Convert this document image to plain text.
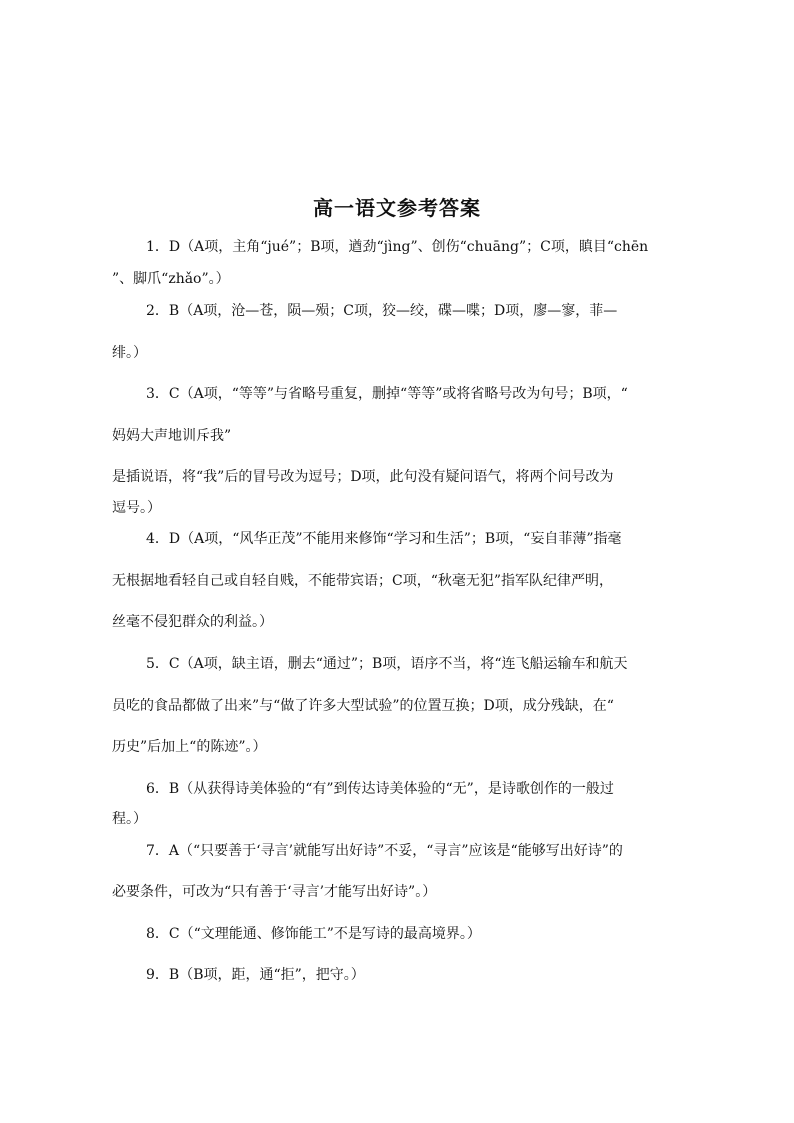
高一语文参考答案
1．D（A项，主角“jué”；B项，遒劲“jìng”、创伤“chuāng”；C项，瞋目“chēn
”、脚爪“zhǎo”。）
2．B（A项，沧—苍，陨—殒；C项，狡—绞，碟—喋；D项，廖—寥，菲—
绯。）
3．C（A项，“等等”与省略号重复，删掉“等等”或将省略号改为句号；B项，“
妈妈大声地训斥我”
是插说语，将“我”后的冒号改为逗号；D项，此句没有疑问语气，将两个问号改为
逗号。）
4．D（A项，“风华正茂”不能用来修饰“学习和生活”；B项，“妄自菲薄”指毫
无根据地看轻自己或自轻自贱，不能带宾语；C项，“秋毫无犯”指军队纪律严明，
丝毫不侵犯群众的利益。）
5．C（A项，缺主语，删去“通过”；B项，语序不当，将“连飞船运输车和航天
员吃的食品都做了出来”与“做了许多大型试验”的位置互换；D项，成分残缺，在“
历史”后加上“的陈迹”。）
6．B（从获得诗美体验的“有”到传达诗美体验的“无”，是诗歌创作的一般过
程。）
7．A（“只要善于‘寻言’就能写出好诗”不妥，“寻言”应该是“能够写出好诗”的
必要条件，可改为“只有善于‘寻言’才能写出好诗”。）
8．C（“文理能通、修饰能工”不是写诗的最高境界。）
9．B（B项，距，通“拒”，把守。）
